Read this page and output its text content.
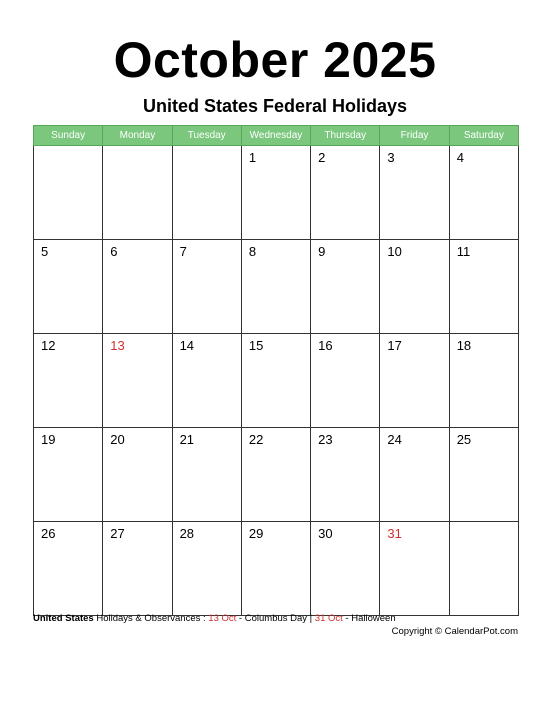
October 2025
United States Federal Holidays
Sunday	Monday	Tuesday	Wednesday	Thursday	Friday	Saturday

			1	2	3	4

5	6	7	8	9	10	11

12	13	14	15	16	17	18

19	20	21	22	23	24	25

26	27	28	29	30	31	

United States Holidays & Observances : 13 Oct - Columbus Day | 31 Oct - Halloween
Copyright © CalendarPot.com
